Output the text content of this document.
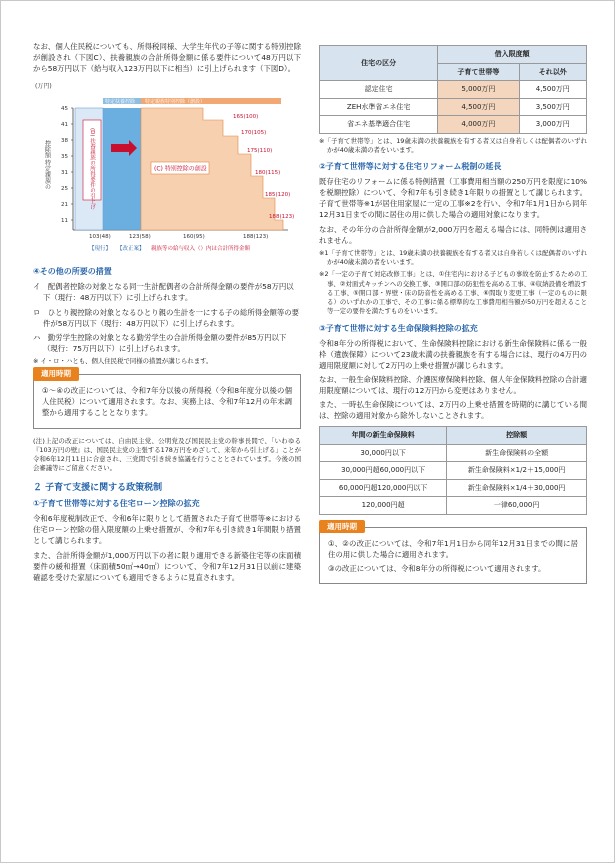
なお、個人住民税についても、所得税同様、大学生年代の子等に関する特別控除が創設され（下図C）、扶養親族の合計所得金額に係る要件について48万円以下から58万円以下（給与収入123万円以下に相当）に引上げられます（下図D）。

(万円)
特定扶養控除 特定親族特別控除（創設）
45
41
38
35
31
25
21
11
(D) 扶養親族の所得要件の引上げ	(C) 特別控除の創設
165(100)
170(105)
175(110)
180(115)
185(120)
188(123)
103(48)	123(58)	160(95)	188(123)
【現行】 【改正案】 親族等の給与収入（）内は合計所得金額
控除額 特定親族の
④その他の所要の措置
イ　配偶者控除の対象となる同一生計配偶者の合計所得金額の要件が58万円以下（現行：48万円以下）に引上げられます。
ロ　ひとり親控除の対象となるひとり親の生計を一にする子の総所得金額等の要件が58万円以下（現行：48万円以下）に引上げられます。
ハ　勤労学生控除の対象となる勤労学生の合計所得金額の要件が85万円以下（現行：75万円以下）に引上げられます。

※ イ・ロ・ハとも、個人住民税で同様の措置が講じられます。

適用時期

①〜④の改正については、令和7年分以後の所得税（令和8年度分以後の個人住民税）について適用されます。なお、実務上は、令和7年12月の年末調整から適用することとなります。

(注)上記の改正については、自由民主党、公明党及び国民民主党の幹事長間で、「いわゆる『103万円の壁』は、国民民主党の主張する178万円をめざして、来年から引上げる」ことが令和6年12月11日に合意され、三党間で引き続き協議を行うこととされています。今後の国会審議等にご留意ください。

２ 子育て支援に関する政策税制
①子育て世帯等に対する住宅ローン控除の拡充

令和6年度税制改正で、令和6年に限りとして措置された子育て世帯等※における住宅ローン控除の借入限度額の上乗せ措置が、令和7年も引き続き1年間限り措置として講じられます。

また、合計所得金額が1,000万円以下の者に限り適用できる新築住宅等の床面積要件の緩和措置（床面積50㎡→40㎡）について、令和7年12月31日以前に建築確認を受けた家屋についても適用できるように見直されます。

住宅の区分	借入限度額	
	子育て世帯等	それ以外
認定住宅	5,000万円	4,500万円
ZEH水準省エネ住宅	4,500万円	3,500万円
省エネ基準適合住宅	4,000万円	3,000万円

※「子育て世帯等」とは、19歳未満の扶養親族を有する者又は自身若しくは配偶者のいずれかが40歳未満の者をいいます。

②子育て世帯等に対する住宅リフォーム税制の延長

既存住宅のリフォームに係る特例措置（工事費用相当額の250万円を限度に10%を税額控除）について、令和7年も引き続き1年限りの措置として講じられます。子育て世帯等※1が居住用家屋に一定の工事※2を行い、令和7年1月1日から同年12月31日までの間に居住の用に供した場合の適用対象になります。

なお、その年分の合計所得金額が2,000万円を超える場合には、同特例は適用されません。

※1「子育て世帯等」とは、19歳未満の扶養親族を有する者又は自身若しくは配偶者のいずれかが40歳未満の者をいいます。

※2「一定の子育て対応改修工事」とは、①住宅内における子どもの事故を防止するための工事、②対面式キッチンへの交換工事、③開口部の防犯性を高める工事、④収納設備を増設する工事、⑤開口部・界壁・床の防音性を高める工事、⑥間取り変更工事（一定のものに限る）のいずれかの工事で、その工事に係る標準的な工事費用相当額が50万円を超えること等一定の要件を満たすものをいいます。

③子育て世帯に対する生命保険料控除の拡充

令和8年分の所得税において、生命保険料控除における新生命保険料に係る一般枠（遺族保障）について23歳未満の扶養親族を有する場合には、現行の4万円の適用限度額に対して2万円の上乗せ措置が講じられます。

なお、一般生命保険料控除、介護医療保険料控除、個人年金保険料控除の合計適用限度額については、現行の12万円から変更はありません。

また、一時払生命保険については、2万円の上乗せ措置を時期的に講じている間は、控除の適用対象から除外しないことされます。

年間の新生命保険料	控除額
30,000円以下	新生命保険料の全額
30,000円超60,000円以下	新生命保険料×1/2＋15,000円
60,000円超120,000円以下	新生命保険料×1/4＋30,000円
120,000円超	一律60,000円
適用時期

①、②の改正については、令和7年1月1日から同年12月31日までの間に居住の用に供した場合に適用されます。

③の改正については、令和8年分の所得税について適用されます。
